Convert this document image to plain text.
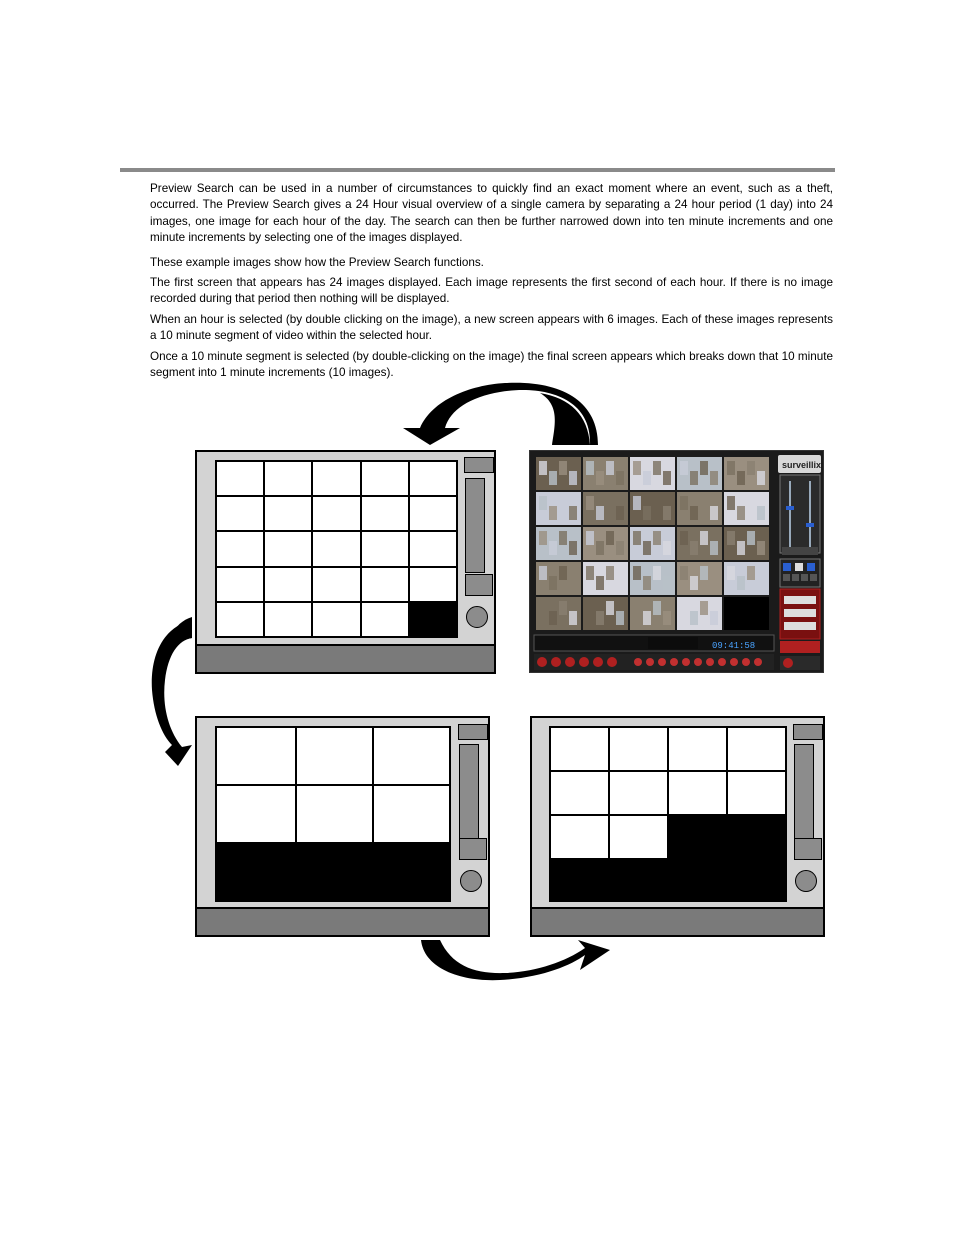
Preview Search can be used in a number of circumstances to quickly find an exact moment where an event, such as a theft, occurred. The Preview Search gives a 24 Hour visual overview of a single camera by separating a 24 hour period (1 day) into 24 images, one image for each hour of the day. The search can then be further narrowed down into ten minute increments and one minute increments by selecting one of the images displayed.

These example images show how the Preview Search functions.

The first screen that appears has 24 images displayed. Each image represents the first second of each hour. If there is no image recorded during that period then nothing will be displayed.

When an hour is selected (by double clicking on the image), a new screen appears with 6 images. Each of these images represents a 10 minute segment of video within the selected hour.

Once a 10 minute segment is selected (by double-clicking on the image) the final screen appears which breaks down that 10 minute segment into 1 minute increments (10 images).

surveillix
09:41:58
